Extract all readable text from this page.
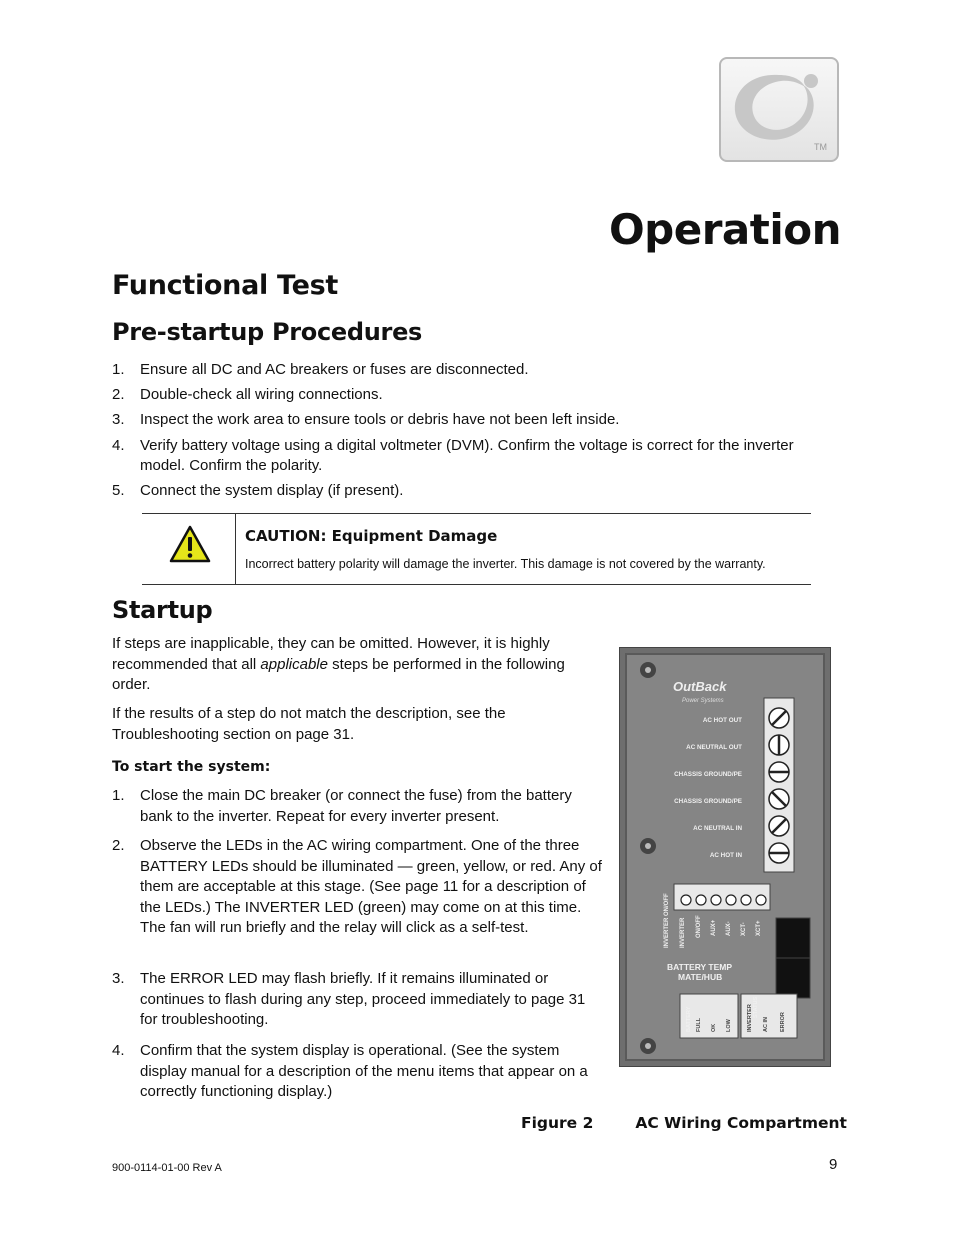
TM
Operation
Functional Test
Pre-startup Procedures
1. Ensure all DC and AC breakers or fuses are disconnected.
2. Double-check all wiring connections.
3. Inspect the work area to ensure tools or debris have not been left inside.
4. Verify battery voltage using a digital voltmeter (DVM). Confirm the voltage is correct for the inverter model. Confirm the polarity.
5. Connect the system display (if present).
CAUTION: Equipment Damage
Incorrect battery polarity will damage the inverter. This damage is not covered by the warranty.
Startup
If steps are inapplicable, they can be omitted. However, it is highly recommended that all applicable steps be performed in the following order.
If the results of a step do not match the description, see the Troubleshooting section on page 31.
To start the system:
1. Close the main DC breaker (or connect the fuse) from the battery bank to the inverter. Repeat for every inverter present.
2. Observe the LEDs in the AC wiring compartment. One of the three BATTERY LEDs should be illuminated — green, yellow, or red. Any of them are acceptable at this stage. (See page 11 for a description of the LEDs.) The INVERTER LED (green) may come on at this time. The fan will run briefly and the relay will click as a self-test.
3. The ERROR LED may flash briefly. If it remains illuminated or continues to flash during any step, proceed immediately to page 31 for troubleshooting.
4. Confirm that the system display is operational. (See the system display manual for a description of the menu items that appear on a correctly functioning display.)
OutBack
Power Systems
AC HOT OUT
AC NEUTRAL OUT
CHASSIS GROUND/PE
CHASSIS GROUND/PE
AC NEUTRAL IN
AC HOT IN
INVERTER ON/OFF INVERTER ON/OFF AUX+ AUX- XCT- XCT+
BATTERY TEMP
MATE/HUB
BATTERY	STATUS
FULL OK LOW	INVERTER AC IN ERROR
Figure 2	AC Wiring Compartment
900-0114-01-00 Rev A	9
